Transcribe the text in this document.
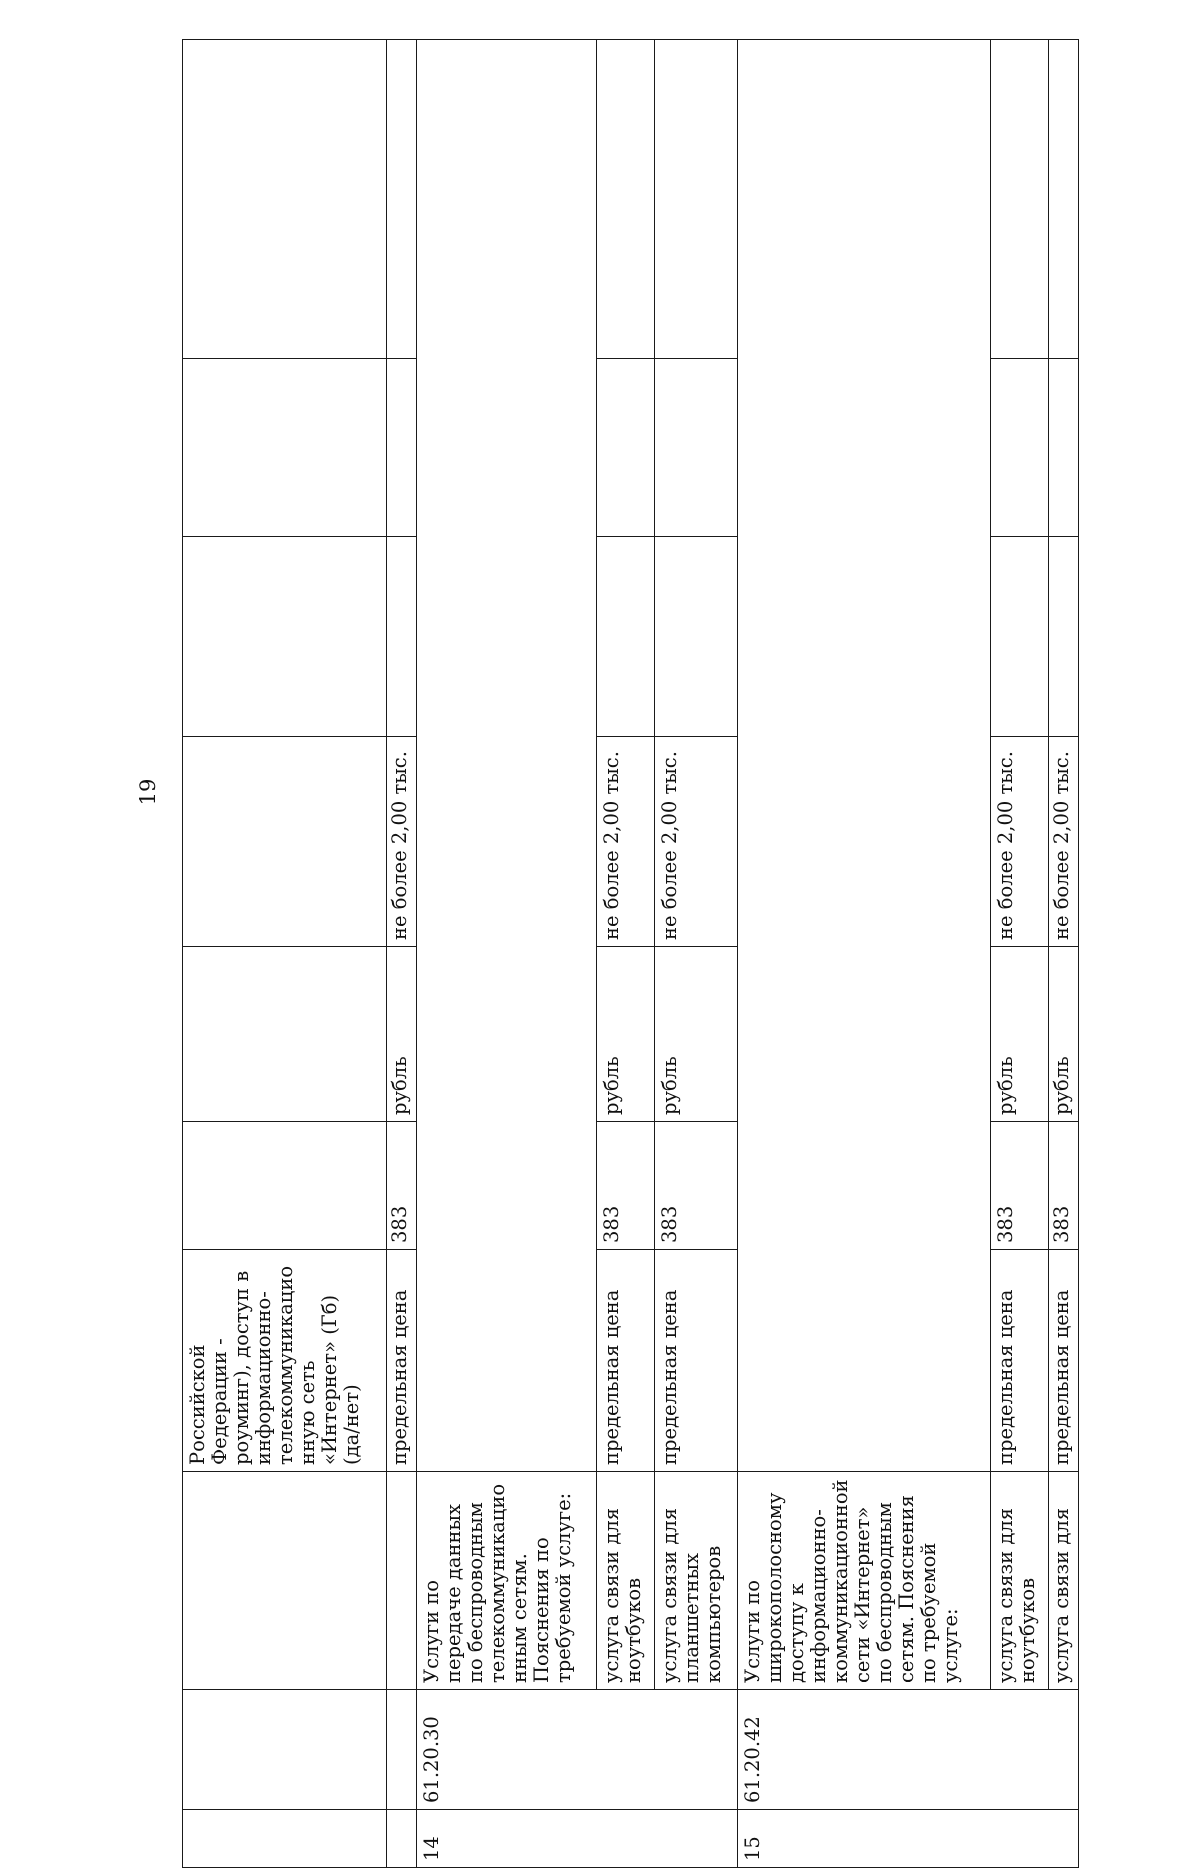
19
			Российской Федерации - роуминг), доступ в информационно-телекоммуникационную сеть «Интернет» (Гб) (да/нет)						
			предельная цена	383	рубль	не более 2,00 тыс.			
14	61.20.30	Услуги по передаче данных по беспроводным телекоммуникационным сетям. Пояснения по требуемой услуге:							
		услуга связи для ноутбуков	предельная цена	383	рубль	не более 2,00 тыс.			
		услуга связи для планшетных компьютеров	предельная цена	383	рубль	не более 2,00 тыс.			
15	61.20.42	Услуги по широкополосному доступу к информационно-коммуникационной сети «Интернет» по беспроводным сетям. Пояснения по требуемой услуге:							
		услуга связи для ноутбуков	предельная цена	383	рубль	не более 2,00 тыс.			
		услуга связи для	предельная цена	383	рубль	не более 2,00 тыс.			
